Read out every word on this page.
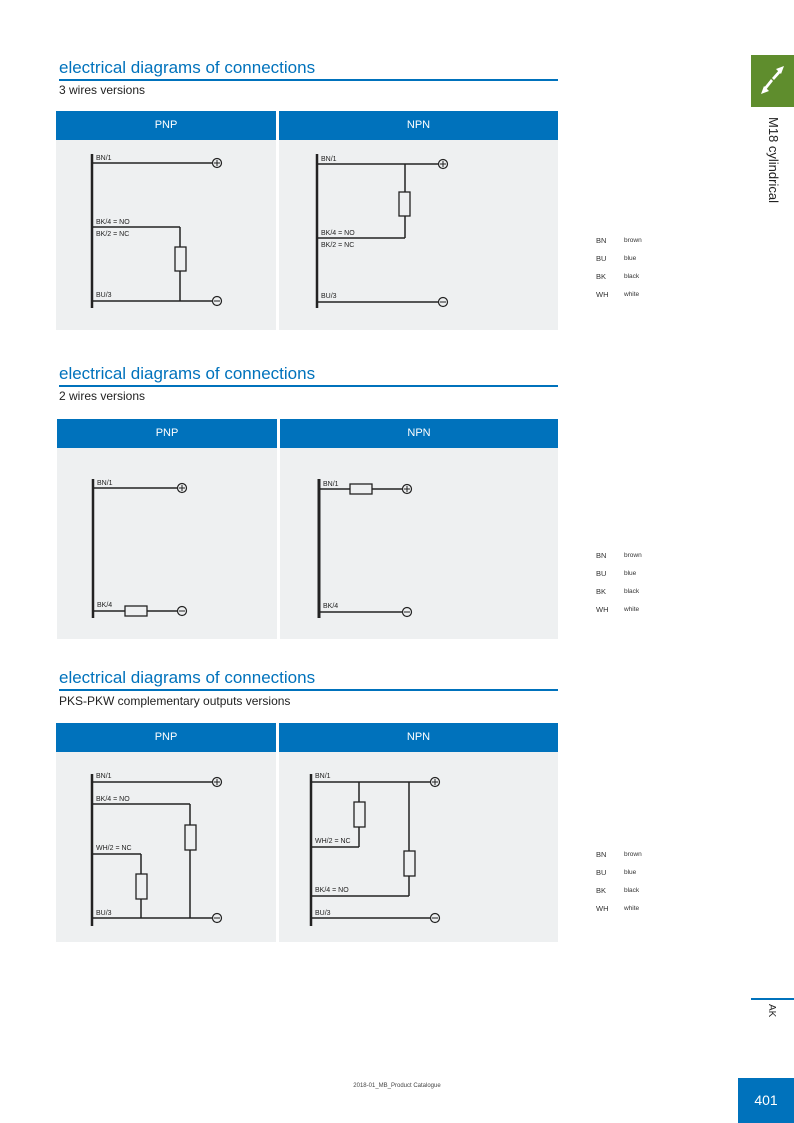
electrical diagrams of connections
3 wires versions
PNP
BN/1
BK/4 = NO
BK/2 = NC
BU/3
NPN
BN/1
BK/4 = NO
BK/2 = NC
BU/3
BN	brown
BU	blue
BK	black
WH	white
electrical diagrams of connections
2 wires versions
PNP
BN/1
BK/4
NPN
BN/1
BK/4
BN	brown
BU	blue
BK	black
WH	white
electrical diagrams of connections
PKS-PKW complementary outputs versions
PNP
BN/1
BK/4 = NO
WH/2 = NC
BU/3
NPN
BN/1
WH/2 = NC
BK/4 = NO
BU/3
BN	brown
BU	blue
BK	black
WH	white
M18 cylindrical
AK
2018-01_MB_Product Catalogue
401
